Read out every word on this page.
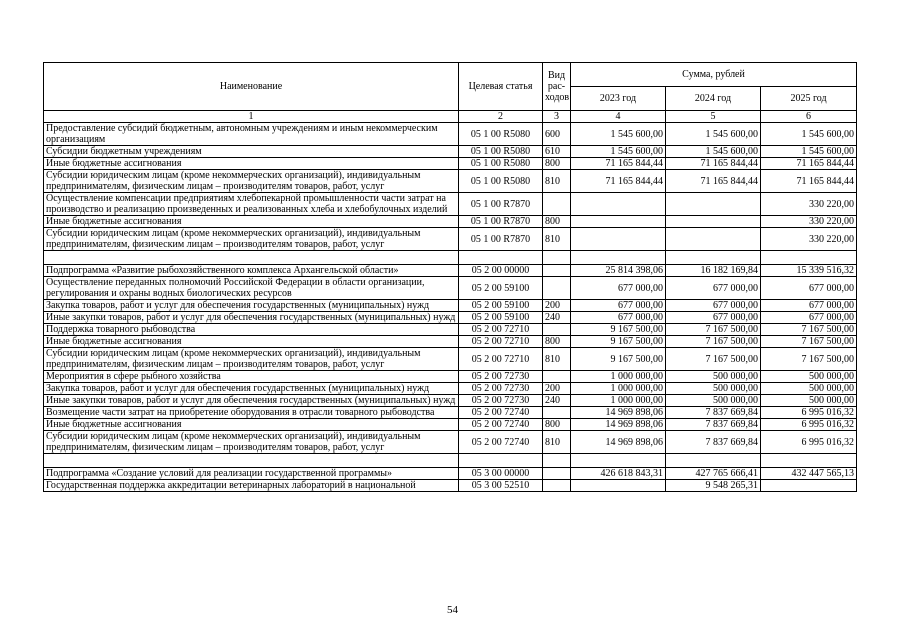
Наименование	Целевая статья	Вид рас-ходов	Сумма, рублей		
			2023 год	2024 год	2025 год
1	2	3	4	5	6
Предоставление субсидий бюджетным, автономным учреждениям и иным некоммерческим организациям	05 1 00 R5080	600	1 545 600,00	1 545 600,00	1 545 600,00
Субсидии бюджетным учреждениям	05 1 00 R5080	610	1 545 600,00	1 545 600,00	1 545 600,00
Иные бюджетные ассигнования	05 1 00 R5080	800	71 165 844,44	71 165 844,44	71 165 844,44
Субсидии юридическим лицам (кроме некоммерческих организаций), индивидуальным предпринимателям, физическим лицам – производителям товаров, работ, услуг	05 1 00 R5080	810	71 165 844,44	71 165 844,44	71 165 844,44
Осуществление компенсации предприятиям хлебопекарной промышленности части затрат на производство и реализацию произведенных и реализованных хлеба и хлебобулочных изделий	05 1 00 R7870				330 220,00
Иные бюджетные ассигнования	05 1 00 R7870	800			330 220,00
Субсидии юридическим лицам (кроме некоммерческих организаций), индивидуальным предпринимателям, физическим лицам – производителям товаров, работ, услуг	05 1 00 R7870	810			330 220,00

Подпрограмма «Развитие рыбохозяйственного комплекса Архангельской области»	05 2 00 00000		25 814 398,06	16 182 169,84	15 339 516,32
Осуществление переданных полномочий Российской Федерации в области организации, регулирования и охраны водных биологических ресурсов	05 2 00 59100		677 000,00	677 000,00	677 000,00
Закупка товаров, работ и услуг для обеспечения государственных (муниципальных) нужд	05 2 00 59100	200	677 000,00	677 000,00	677 000,00
Иные закупки товаров, работ и услуг для обеспечения государственных (муниципальных) нужд	05 2 00 59100	240	677 000,00	677 000,00	677 000,00
Поддержка товарного рыбоводства	05 2 00 72710		9 167 500,00	7 167 500,00	7 167 500,00
Иные бюджетные ассигнования	05 2 00 72710	800	9 167 500,00	7 167 500,00	7 167 500,00
Субсидии юридическим лицам (кроме некоммерческих организаций), индивидуальным предпринимателям, физическим лицам – производителям товаров, работ, услуг	05 2 00 72710	810	9 167 500,00	7 167 500,00	7 167 500,00
Мероприятия в сфере рыбного хозяйства	05 2 00 72730		1 000 000,00	500 000,00	500 000,00
Закупка товаров, работ и услуг для обеспечения государственных (муниципальных) нужд	05 2 00 72730	200	1 000 000,00	500 000,00	500 000,00
Иные закупки товаров, работ и услуг для обеспечения государственных (муниципальных) нужд	05 2 00 72730	240	1 000 000,00	500 000,00	500 000,00
Возмещение части затрат на приобретение оборудования в отрасли товарного рыбоводства	05 2 00 72740		14 969 898,06	7 837 669,84	6 995 016,32
Иные бюджетные ассигнования	05 2 00 72740	800	14 969 898,06	7 837 669,84	6 995 016,32
Субсидии юридическим лицам (кроме некоммерческих организаций), индивидуальным предпринимателям, физическим лицам – производителям товаров, работ, услуг	05 2 00 72740	810	14 969 898,06	7 837 669,84	6 995 016,32

Подпрограмма «Создание условий для реализации государственной программы»	05 3 00 00000		426 618 843,31	427 765 666,41	432 447 565,13
Государственная поддержка аккредитации ветеринарных лабораторий в национальной	05 3 00 52510			9 548 265,31	
54
